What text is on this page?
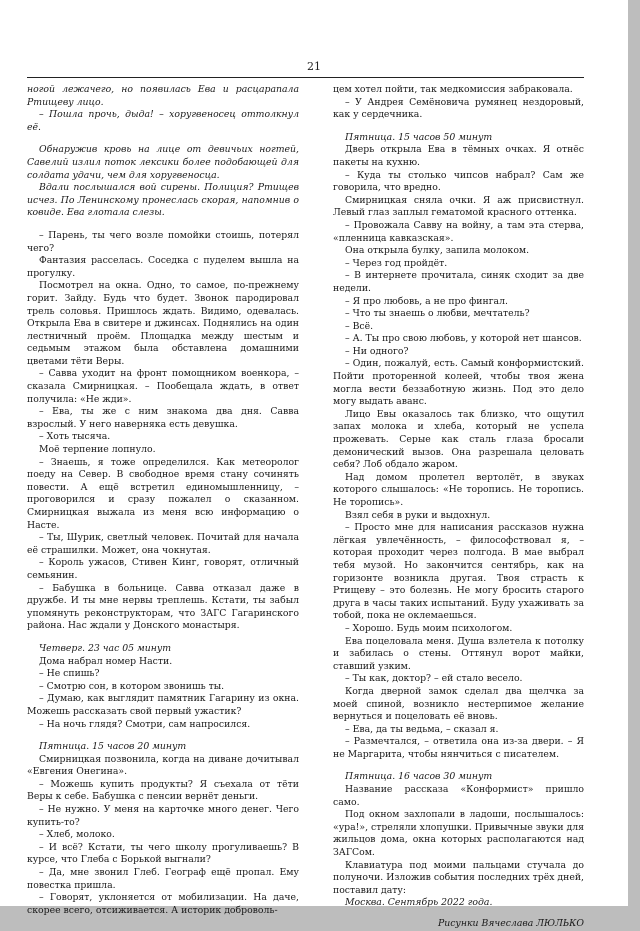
21

ногой лежачего, но появилась Ева и расцарапала Ртищеву лицо.

– Пошла прочь, дыда! – хоругвеносец оттолкнул её.

Обнаружив кровь на лице от девичьих ногтей, Савелий излил поток лексики более подобающей для солдата удачи, чем для хоругвеносца.

Вдали послышался вой сирены. Полиция? Ртищев исчез. По Ленинскому пронеслась скорая, напомнив о ковиде. Ева глотала слезы.

– Парень, ты чего возле помойки стоишь, потерял чего?

Фантазия расселась. Соседка с пуделем вышла на прогулку.

Посмотрел на окна. Одно, то самое, по-прежнему горит. Зайду. Будь что будет. Звонок пародировал трель соловья. Пришлось ждать. Видимо, одевалась. Открыла Ева в свитере и джинсах. Поднялись на один лестничный проём. Площадка между шестым и седьмым этажом была обставлена домашними цветами тёти Веры.

– Савва уходит на фронт помощником военкора, – сказала Смирницкая. – Пообещала ждать, в ответ получила: «Не жди».

– Ева, ты же с ним знакома два дня. Савва взрослый. У него наверняка есть девушка.

– Хоть тысяча.

Моё терпение лопнуло.

– Знаешь, я тоже определился. Как метеоролог поеду на Север. В свободное время стану сочинять повести. А ещё встретил единомышленницу, – проговорился и сразу пожалел о сказанном. Смирницкая выжала из меня всю информацию о Насте.

– Ты, Шурик, светлый человек. Почитай для начала её страшилки. Может, она чокнутая.

– Король ужасов, Стивен Кинг, говорят, отличный семьянин.

– Бабушка в больнице. Савва отказал даже в дружбе. И ты мне нервы треплешь. Кстати, ты забыл упомянуть реконструкторам, что ЗАГС Гагаринского района. Нас ждали у Донского монастыря.

Четверг. 23 час 05 минут

Дома набрал номер Насти.

– Не спишь?

– Смотрю сон, в котором звонишь ты.

– Думаю, как выглядит памятник Гагарину из окна. Можешь рассказать свой первый ужастик?

– На ночь глядя? Смотри, сам напросился.

Пятница. 15 часов 20 минут

Смирницкая позвонила, когда на диване дочитывал «Евгения Онегина».

– Можешь купить продукты? Я съехала от тёти Веры к себе. Бабушка с пенсии вернёт деньги.

– Не нужно. У меня на карточке много денег. Чего купить-то?

– Хлеб, молоко.

– И всё? Кстати, ты чего школу прогуливаешь? В курсе, что Глеба с Борькой выгнали?

– Да, мне звонил Глеб. Географ ещё пропал. Ему повестка пришла.

– Говорят, уклоняется от мобилизации. На даче, скорее всего, отсиживается. А историк доброволь-

цем хотел пойти, так медкомиссия забраковала.

– У Андрея Семёновича румянец нездоровый, как у сердечника.

Пятница. 15 часов 50 минут

Дверь открыла Ева в тёмных очках. Я отнёс пакеты на кухню.

– Куда ты столько чипсов набрал? Сам же говорила, что вредно.

Смирницкая сняла очки. Я аж присвистнул. Левый глаз заплыл гематомой красного оттенка.

– Провожала Савву на войну, а там эта стерва, «пленница кавказская».

Она открыла булку, запила молоком.

– Через год пройдёт.

– В интернете прочитала, синяк сходит за две недели.

– Я про любовь, а не про фингал.

– Что ты знаешь о любви, мечтатель?

– Всё.

– А. Ты про свою любовь, у которой нет шансов.

– Ни одного?

– Один, пожалуй, есть. Самый конформистский. Пойти проторенной колеей, чтобы твоя жена могла вести беззаботную жизнь. Под это дело могу выдать аванс.

Лицо Евы оказалось так близко, что ощутил запах молока и хлеба, который не успела прожевать. Серые как сталь глаза бросали демонический вызов. Она разрешала целовать себя? Лоб обдало жаром.

Над домом пролетел вертолёт, в звуках которого слышалось: «Не торопись. Не торопись. Не торопись».

Взял себя в руки и выдохнул.

– Просто мне для написания рассказов нужна лёгкая увлечённость, – философствовал я, – которая проходит через полгода. В мае выбрал тебя музой. Но закончится сентябрь, как на горизонте возникла другая. Твоя страсть к Ртищеву – это болезнь. Не могу бросить старого друга в часы таких испытаний. Буду ухаживать за тобой, пока не оклемаешься.

– Хорошо. Будь моим психологом.

Ева поцеловала меня. Душа взлетела к потолку и забилась о стены. Оттянул ворот майки, ставший узким.

– Ты как, доктор? – ей стало весело.

Когда дверной замок сделал два щелчка за моей спиной, возникло нестерпимое желание вернуться и поцеловать её вновь.

– Ева, да ты ведьма, – сказал я.

– Размечтался, – ответила она из-за двери. – Я не Маргарита, чтобы нянчиться с писателем.

Пятница. 16 часов 30 минут

Название рассказа «Конформист» пришло само.

Под окном захлопали в ладоши, послышалось: «ура!», стреляли хлопушки. Привычные звуки для жильцов дома, окна которых располагаются над ЗАГСом.

Клавиатура под моими пальцами стучала до полуночи. Изложив события последних трёх дней, поставил дату:

Москва. Сентябрь 2022 года.

Рисунки Вячеслава ЛЮЛЬКО
